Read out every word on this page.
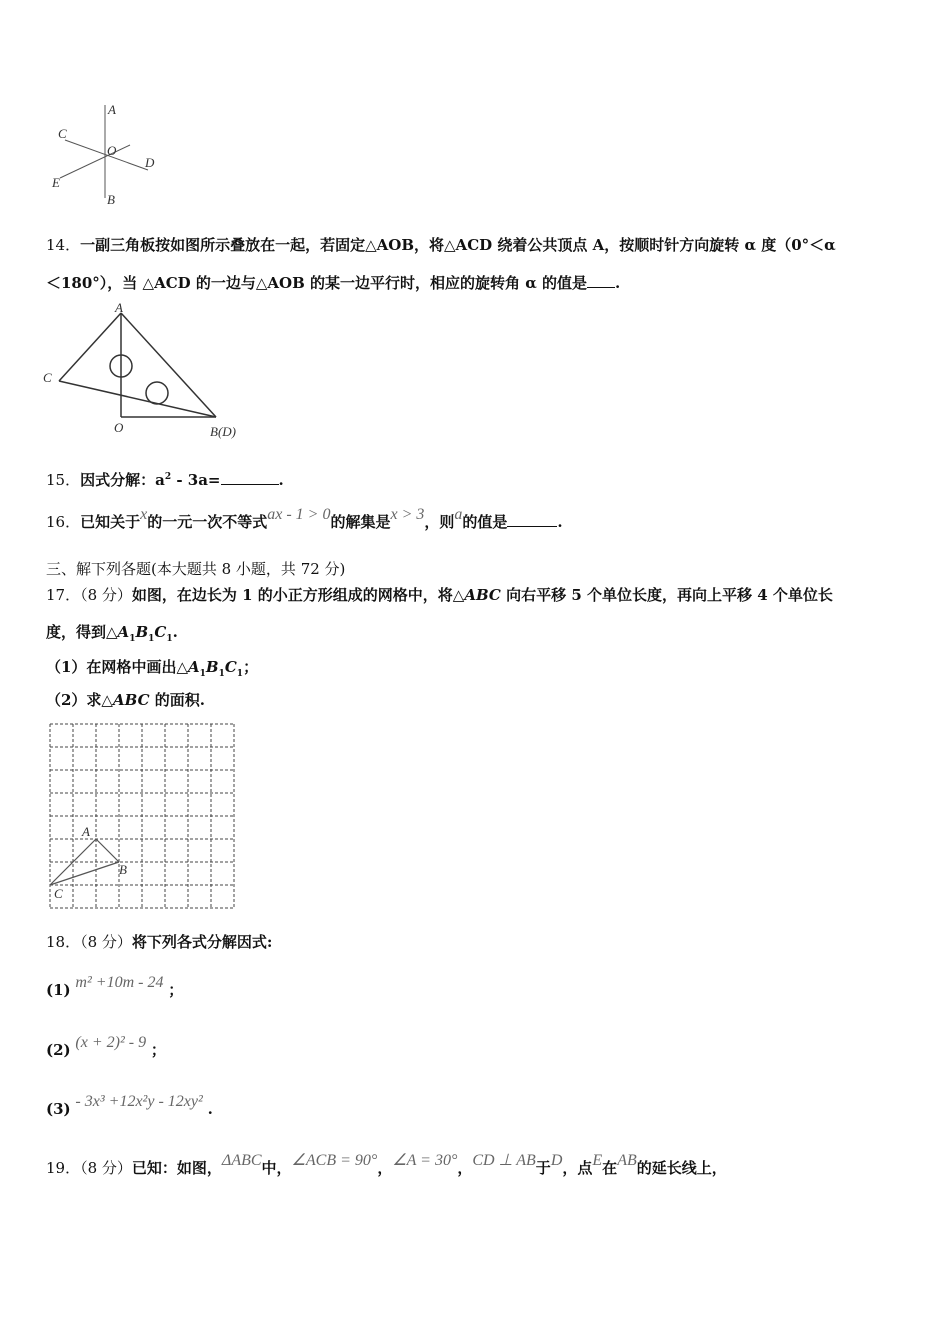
A
C
O
D
E
B
14．一副三角板按如图所示叠放在一起，若固定△AOB，将△ACD 绕着公共顶点 A，按顺时针方向旋转 α 度（0°＜α
＜180°），当 △ACD 的一边与△AOB 的某一边平行时，相应的旋转角 α 的值是 .
A
C
O	B(D)
15．因式分解：$a^2 - 3a=$	.
16．已知关于x的一元一次不等式ax - 1 > 0的解集是x > 3，则a的值是	.
三、解下列各题(本大题共 8 小题，共 72 分)
17．（8 分）如图，在边长为 1 的小正方形组成的网格中，将△ABC 向右平移 5 个单位长度，再向上平移 4 个单位长
度，得到$\triangle A_1B_1C_1$.
（1）在网格中画出$\triangle A_1B_1C_1$；
（2）求△ABC 的面积.
A
B
C
18．（8 分）将下列各式分解因式:
(1) m² +10m - 24 ；
(2) (x + 2)² - 9 ；
(3) - 3x³ +12x²y - 12xy² .
19．（8 分）已知：如图，ΔABC中，∠ACB = 90°，∠A = 30°，CD ⊥ AB于D，点E在AB的延长线上，
